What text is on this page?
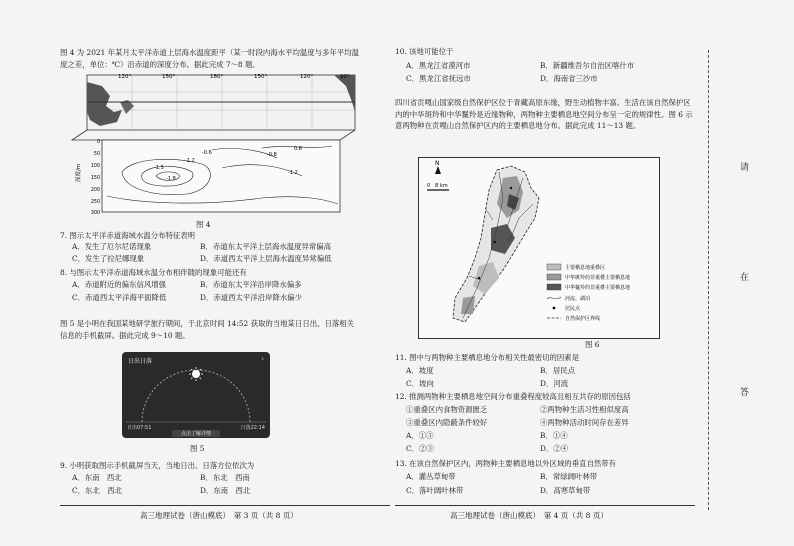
图 4 为 2021 年某月太平洋赤道上层海水温度距平（某一时段内海水平均温度与多年平均温度之差，单位：℃）沿赤道的深度分布。据此完成 7～8 题。
120°	150°	180°	150°	120°	90°
0
50
100
150
200
250
300
深度/m
-1.2
-1.8
-1.5
-0.6	-0.8
0.6
-1.2
图 4
7. 图示太平洋赤道海域水温分布特征表明
A．发生了厄尔尼诺现象	B．赤道东太平洋上层海水温度异常偏高
C．发生了拉尼娜现象	D．赤道西太平洋上层海水温度异常偏低
8. 与图示太平洋赤道海域水温分布相伴随的现象可能还有
A．赤道附近的偏东信风增强	B．赤道东太平洋沿岸降水偏多
C．赤道西太平洋海平面降低	D．赤道西太平洋沿岸降水偏少
图 5 是小明在我国某地研学旅行期间，于北京时间 14:52 获取的当地某日日出、日落相关信息的手机截屏。据此完成 9～10 题。
日出日落	›
日出07:51	日落22:14
点击了解详情
图 5
9. 小明获取图示手机截屏当天，当地日出、日落方位依次为
A．东南　西北	B．东北　西南
C．东北　西北	D．东南　西北
高三地理试卷（唐山模底）　第 3 页（共 8 页）
10. 该地可能位于
A．黑龙江省漠河市	B．新疆维吾尔自治区喀什市
C．黑龙江省抚远市	D．海南省三沙市
四川省贡嘎山国家级自然保护区位于青藏高原东缘，野生动植物丰富。生活在该自然保护区内的中华斑羚和中华鬣羚是近缘物种，两物种主要栖息地空间分布呈一定的规律性。图 6 示意两物种在贡嘎山自然保护区内的主要栖息地分布。据此完成 11～13 题。
N
0　8 km
主要栖息地重叠区
中华斑羚的非重叠主要栖息地
中华鬣羚的非重叠主要栖息地
河流、湖泊
居民点
自然保护区界线
图 6
11. 图中与两物种主要栖息地分布相关性最密切的因素是
A．坡度	B．居民点
C．坡向	D．河流
12. 推测两物种主要栖息地空间分布重叠程度较高且相互共存的原因包括
①重叠区内食物资源匮乏	②两物种生活习性相似度高
③重叠区内隐蔽条件较好	④两物种活动时间存在差异
A．①③	B．①④
C．②③	D．②④
13. 在该自然保护区内，两物种主要栖息地以外区域的垂直自然带有
A．灌丛草甸带	B．常绿阔叶林带
C．落叶阔叶林带	D．高寒草甸带
高三地理试卷（唐山模底）　第 4 页（共 8 页）
请
在
答
